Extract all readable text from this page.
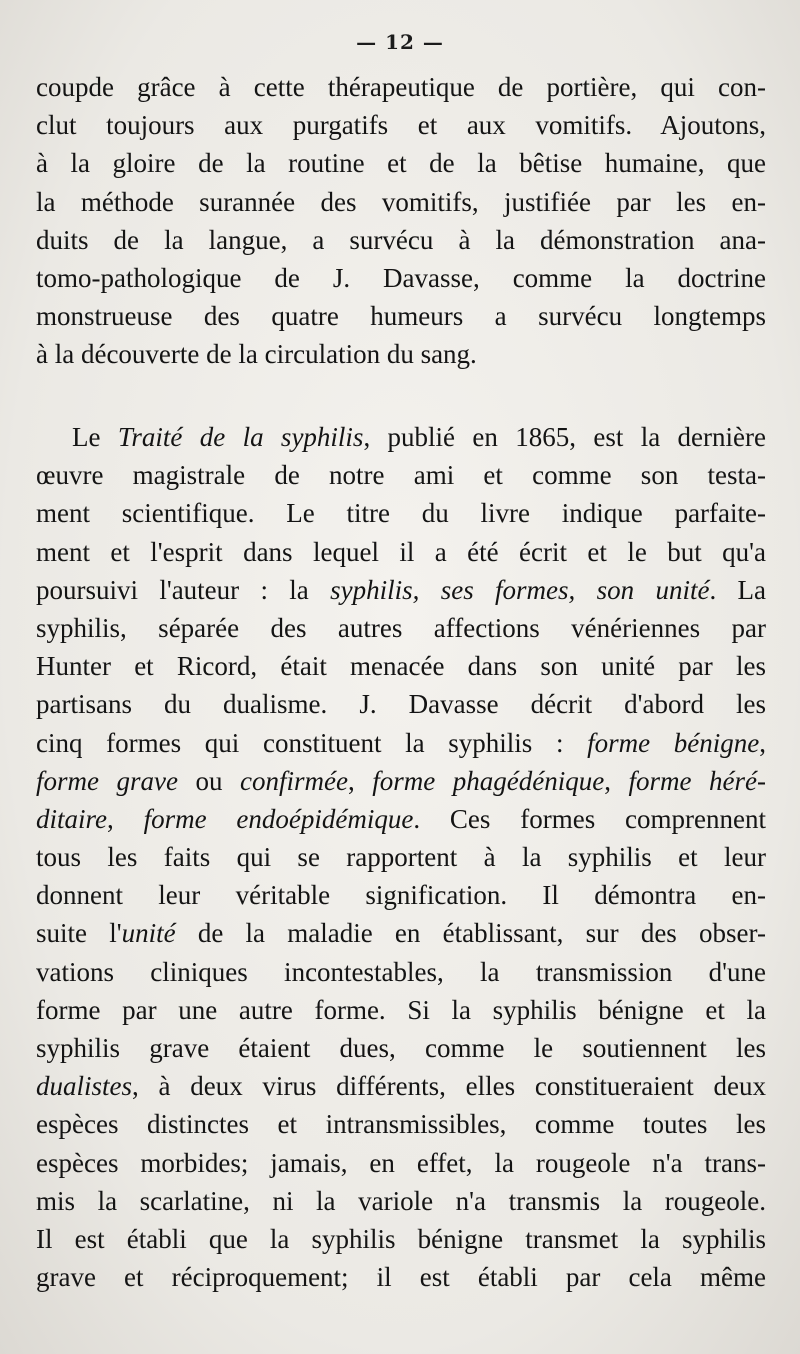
— 12 —
coupde grâce à cette thérapeutique de portière, qui con-
clut toujours aux purgatifs et aux vomitifs. Ajoutons,
à la gloire de la routine et de la bêtise humaine, que
la méthode surannée des vomitifs, justifiée par les en-
duits de la langue, a survécu à la démonstration ana-
tomo-pathologique de J. Davasse, comme la doctrine
monstrueuse des quatre humeurs a survécu longtemps
à la découverte de la circulation du sang.
Le Traité de la syphilis, publié en 1865, est la dernière
œuvre magistrale de notre ami et comme son testa-
ment scientifique. Le titre du livre indique parfaite-
ment et l'esprit dans lequel il a été écrit et le but qu'a
poursuivi l'auteur : la syphilis, ses formes, son unité. La
syphilis, séparée des autres affections vénériennes par
Hunter et Ricord, était menacée dans son unité par les
partisans du dualisme. J. Davasse décrit d'abord les
cinq formes qui constituent la syphilis : forme bénigne,
forme grave ou confirmée, forme phagédénique, forme héré-
ditaire, forme endoépidémique. Ces formes comprennent
tous les faits qui se rapportent à la syphilis et leur
donnent leur véritable signification. Il démontra en-
suite l'unité de la maladie en établissant, sur des obser-
vations cliniques incontestables, la transmission d'une
forme par une autre forme. Si la syphilis bénigne et la
syphilis grave étaient dues, comme le soutiennent les
dualistes, à deux virus différents, elles constitueraient deux
espèces distinctes et intransmissibles, comme toutes les
espèces morbides; jamais, en effet, la rougeole n'a trans-
mis la scarlatine, ni la variole n'a transmis la rougeole.
Il est établi que la syphilis bénigne transmet la syphilis
grave et réciproquement; il est établi par cela même
